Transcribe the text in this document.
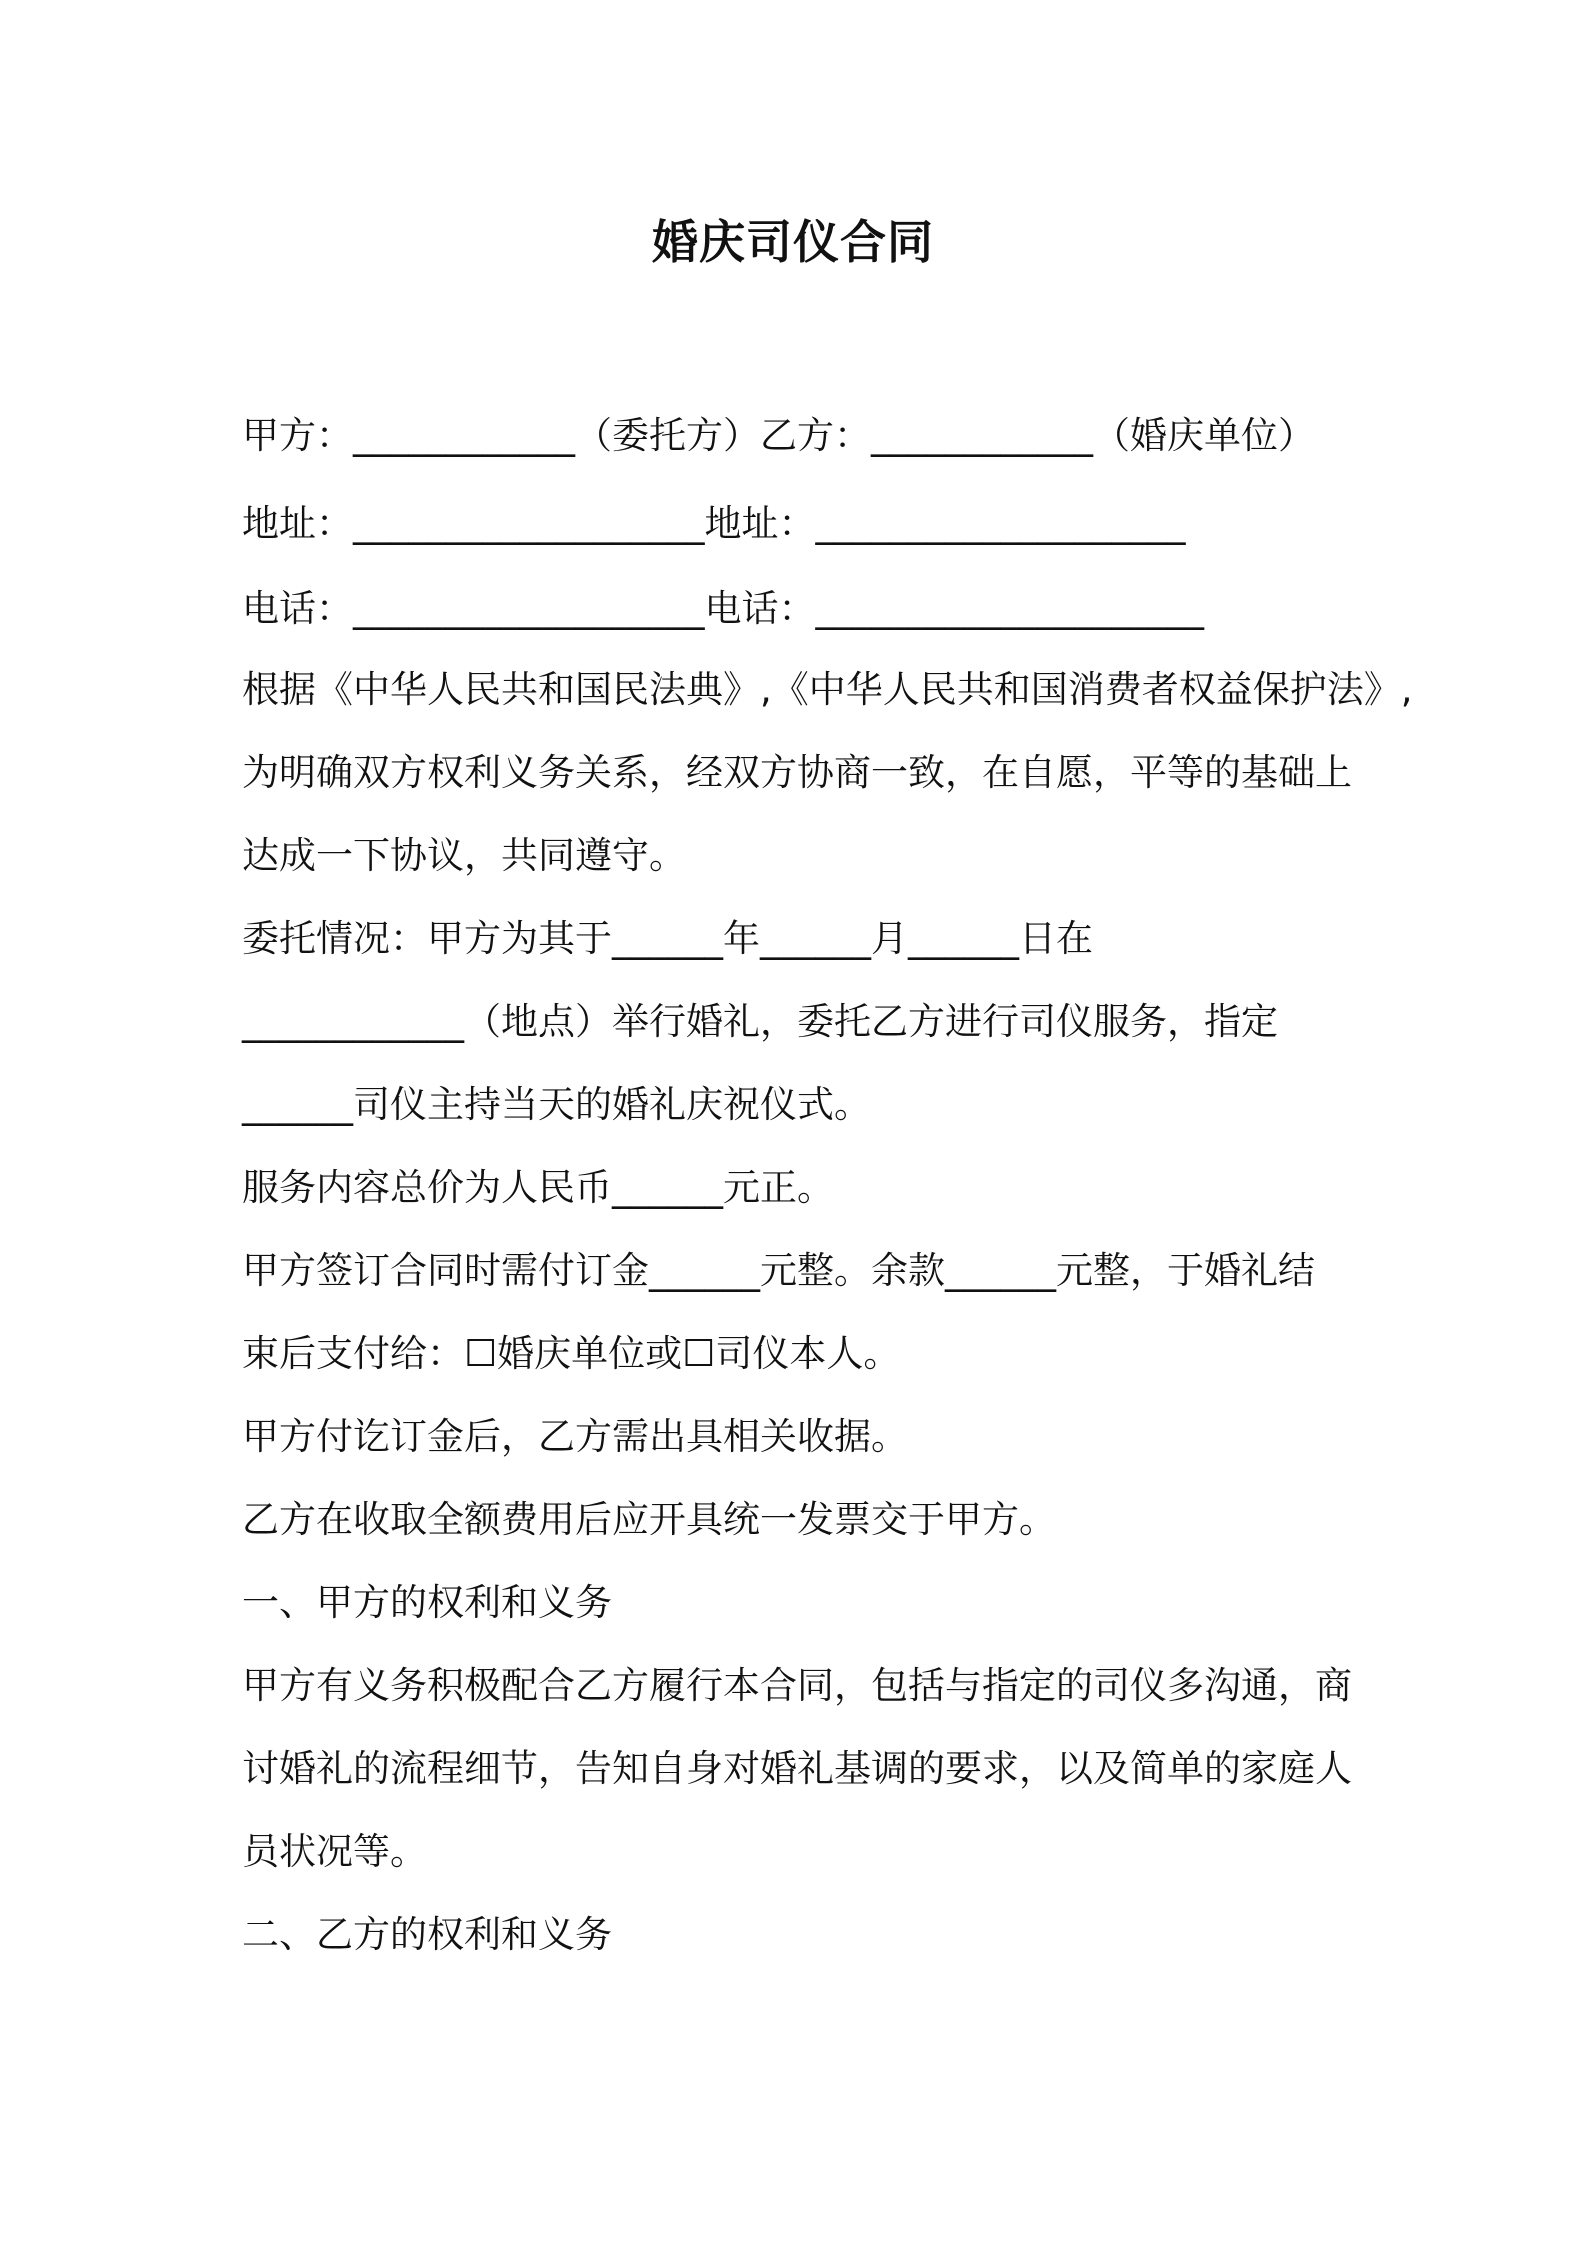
婚庆司仪合同
甲方：____________（委托方）乙方：____________（婚庆单位）
地址：___________________地址：____________________
电话：___________________电话：_____________________
根据《中华人民共和国民法典》,《中华人民共和国消费者权益保护法》,
为明确双方权利义务关系，经双方协商一致，在自愿，平等的基础上
达成一下协议，共同遵守。
委托情况：甲方为其于______年______月______日在
____________（地点）举行婚礼，委托乙方进行司仪服务，指定
______司仪主持当天的婚礼庆祝仪式。
服务内容总价为人民币______元正。
甲方签订合同时需付订金______元整。余款______元整，于婚礼结
束后支付给：☐婚庆单位或☐司仪本人。
甲方付讫订金后，乙方需出具相关收据。
乙方在收取全额费用后应开具统一发票交于甲方。
一、甲方的权利和义务
甲方有义务积极配合乙方履行本合同，包括与指定的司仪多沟通，商
讨婚礼的流程细节，告知自身对婚礼基调的要求，以及简单的家庭人
员状况等。
二、乙方的权利和义务
